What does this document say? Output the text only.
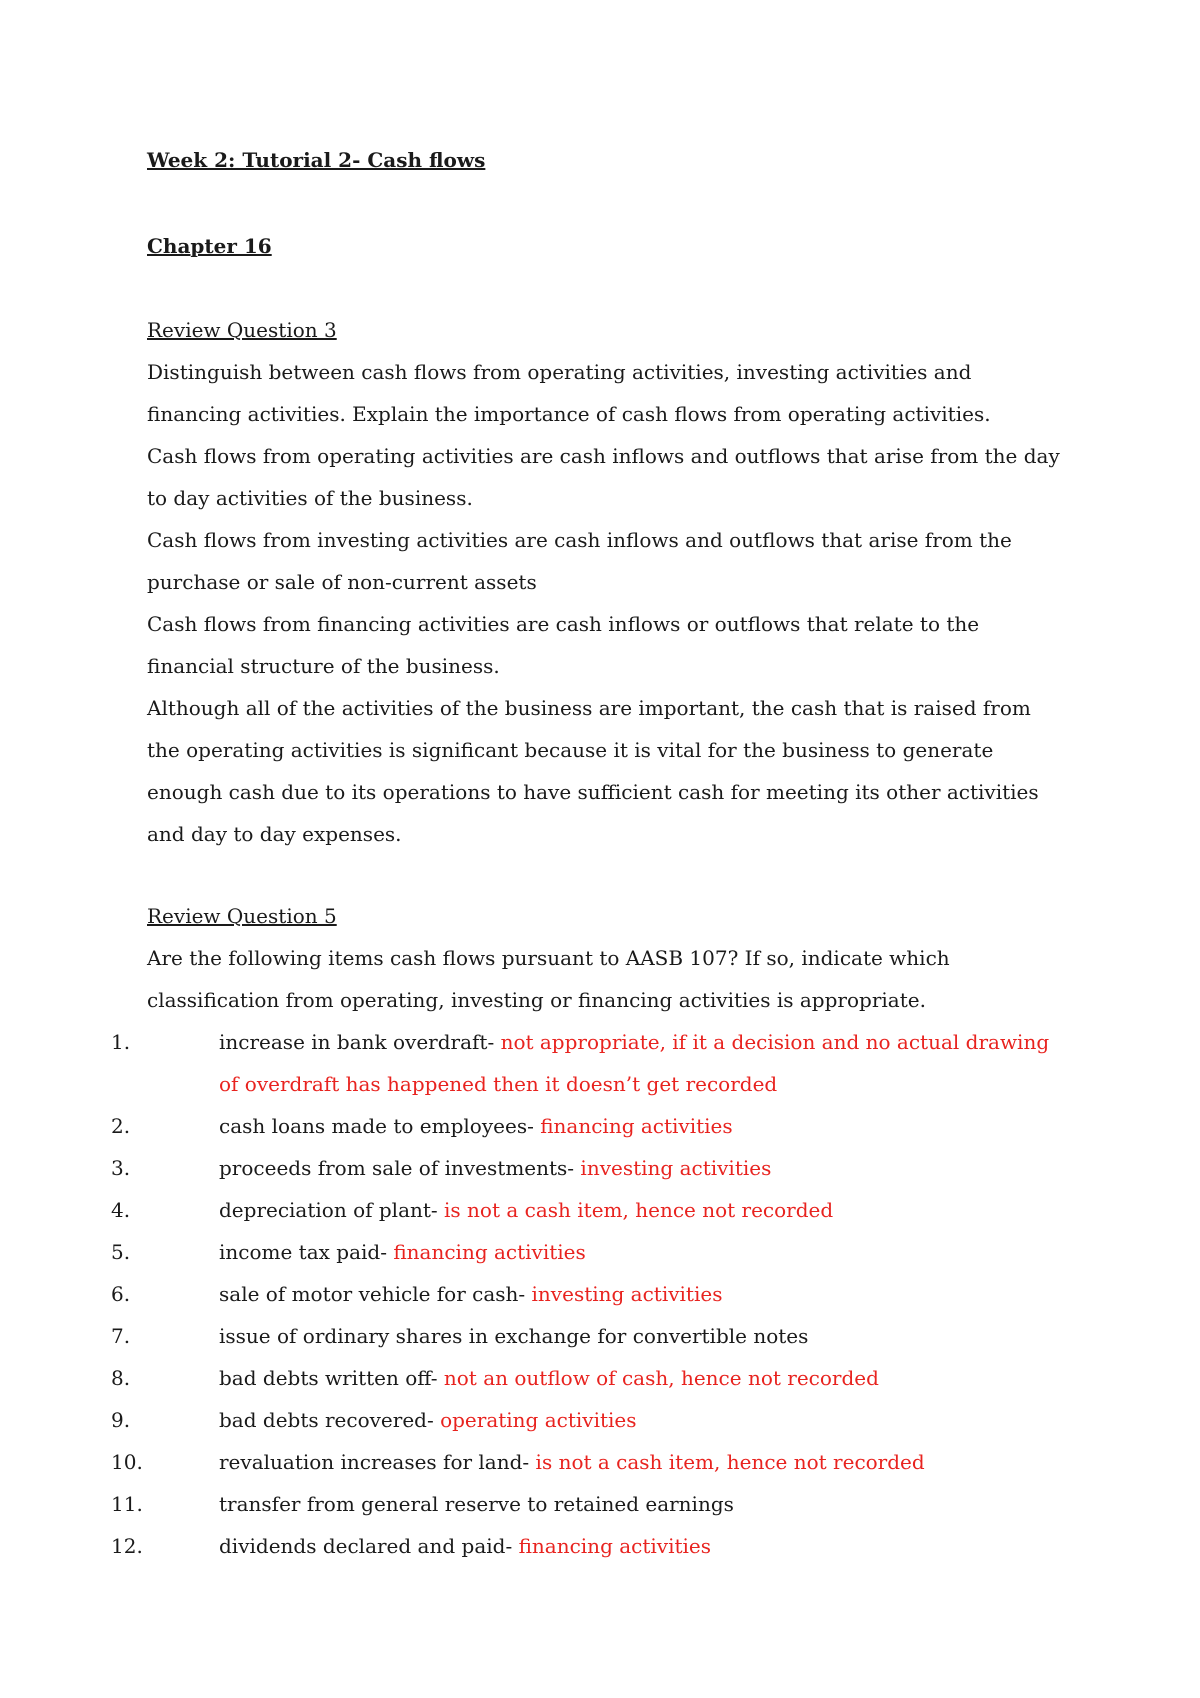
Week 2: Tutorial 2- Cash flows

Chapter 16

Review Question 3

Distinguish between cash flows from operating activities, investing activities and financing activities. Explain the importance of cash flows from operating activities.

Cash flows from operating activities are cash inflows and outflows that arise from the day to day activities of the business.

Cash flows from investing activities are cash inflows and outflows that arise from the purchase or sale of non-current assets

Cash flows from financing activities are cash inflows or outflows that relate to the financial structure of the business.

Although all of the activities of the business are important, the cash that is raised from the operating activities is significant because it is vital for the business to generate enough cash due to its operations to have sufficient cash for meeting its other activities and day to day expenses.

Review Question 5

Are the following items cash flows pursuant to AASB 107? If so, indicate which classification from operating, investing or financing activities is appropriate.

1.	increase in bank overdraft- not appropriate, if it a decision and no actual drawing of overdraft has happened then it doesn’t get recorded
2.	cash loans made to employees- financing activities
3.	proceeds from sale of investments- investing activities
4.	depreciation of plant- is not a cash item, hence not recorded
5.	income tax paid- financing activities
6.	sale of motor vehicle for cash- investing activities
7.	issue of ordinary shares in exchange for convertible notes
8.	bad debts written off- not an outflow of cash, hence not recorded
9.	bad debts recovered- operating activities
10.	revaluation increases for land- is not a cash item, hence not recorded
11.	transfer from general reserve to retained earnings
12.	dividends declared and paid- financing activities
